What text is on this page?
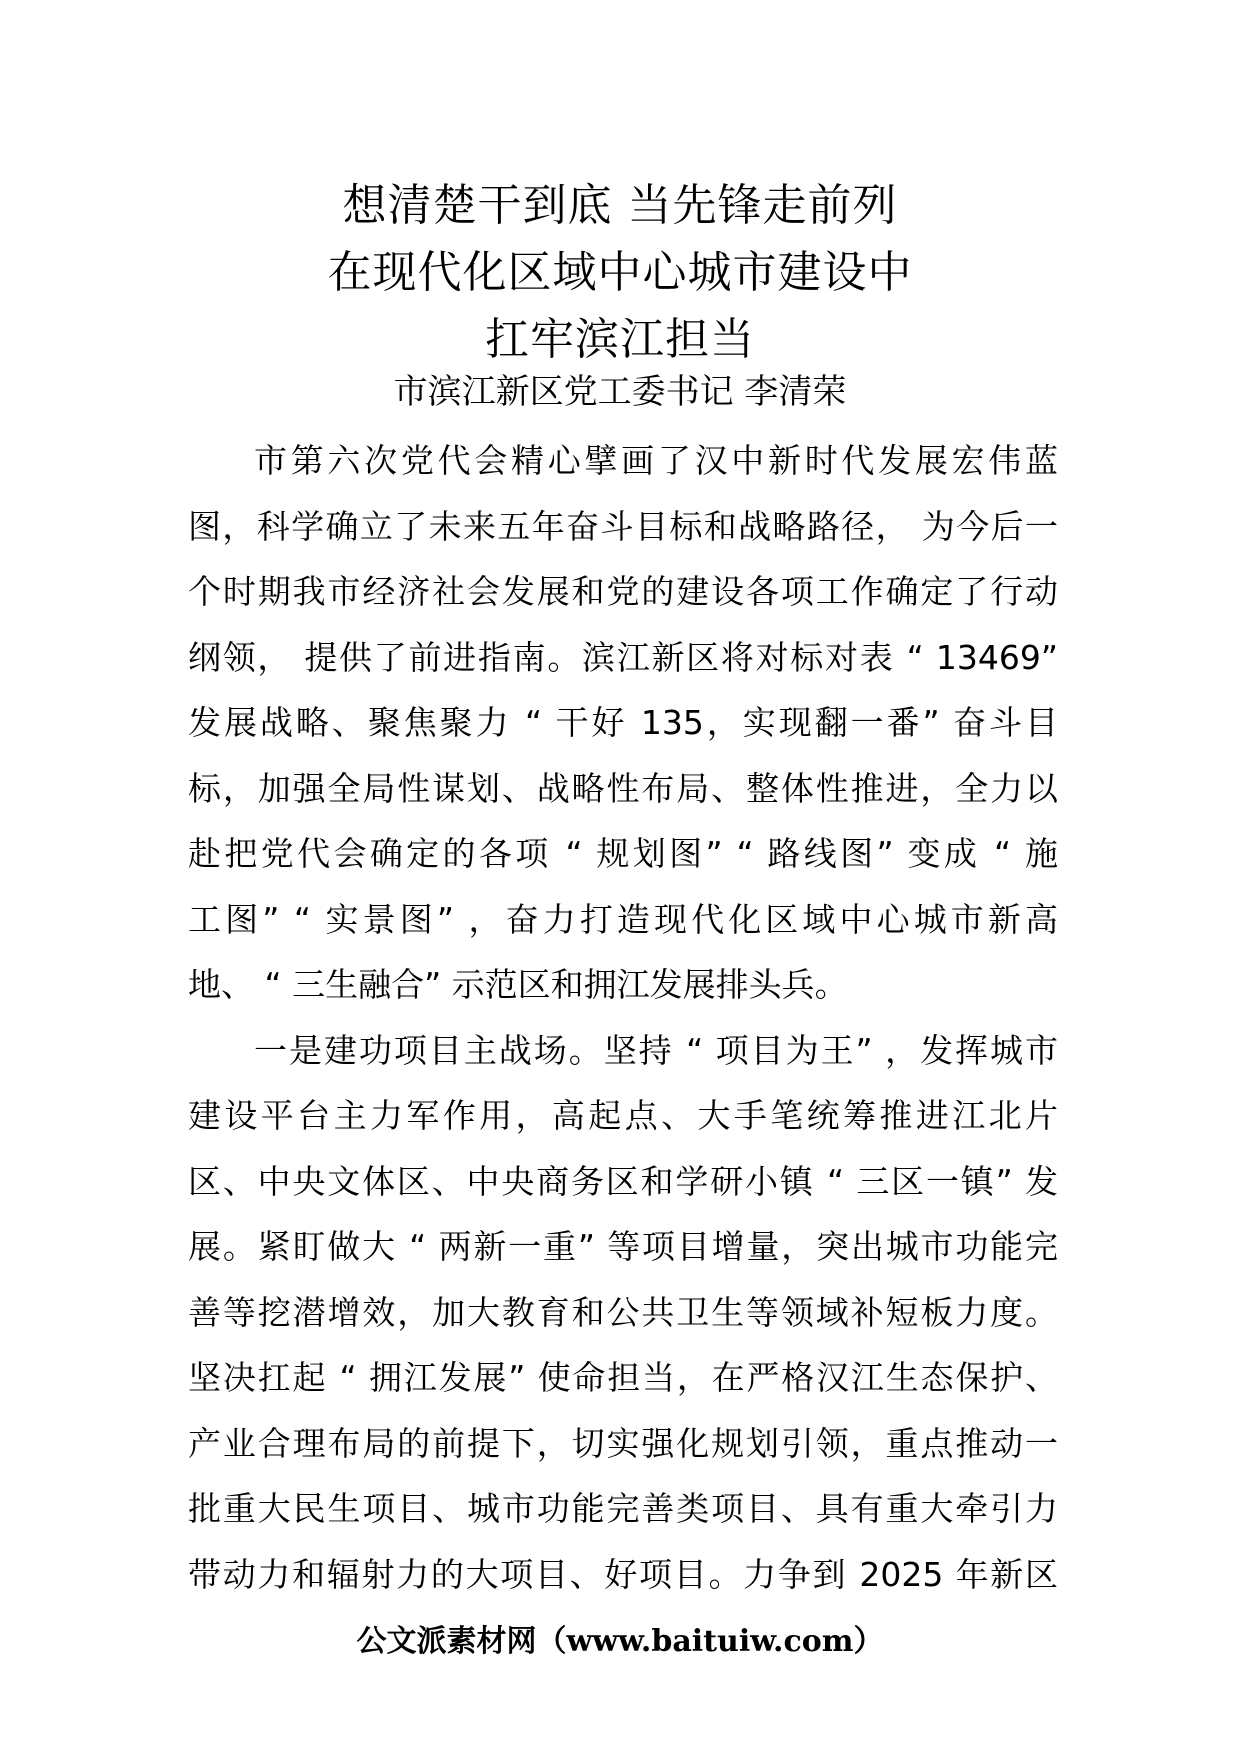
想清楚干到底 当先锋走前列
在现代化区域中心城市建设中
扛牢滨江担当
市滨江新区党工委书记 李清荣
市第六次党代会精心擘画了汉中新时代发展宏伟蓝
图，科学确立了未来五年奋斗目标和战略路径， 为今后一
个时期我市经济社会发展和党的建设各项工作确定了行动
纲领， 提供了前进指南。滨江新区将对标对表 “ 13469”
发展战略、聚焦聚力 “ 干好 135，实现翻一番” 奋斗目
标，加强全局性谋划、战略性布局、整体性推进，全力以
赴把党代会确定的各项 “ 规划图” “ 路线图” 变成 “ 施
工图” “ 实景图” ，奋力打造现代化区域中心城市新高
地、 “ 三生融合” 示范区和拥江发展排头兵。
一是建功项目主战场。坚持 “ 项目为王” ，发挥城市
建设平台主力军作用，高起点、大手笔统筹推进江北片
区、中央文体区、中央商务区和学研小镇 “ 三区一镇” 发
展。紧盯做大 “ 两新一重” 等项目增量，突出城市功能完
善等挖潜增效，加大教育和公共卫生等领域补短板力度。
坚决扛起 “ 拥江发展” 使命担当，在严格汉江生态保护、
产业合理布局的前提下，切实强化规划引领，重点推动一
批重大民生项目、城市功能完善类项目、具有重大牵引力
带动力和辐射力的大项目、好项目。力争到 2025 年新区
公文派素材网（www.baituiw.com）
